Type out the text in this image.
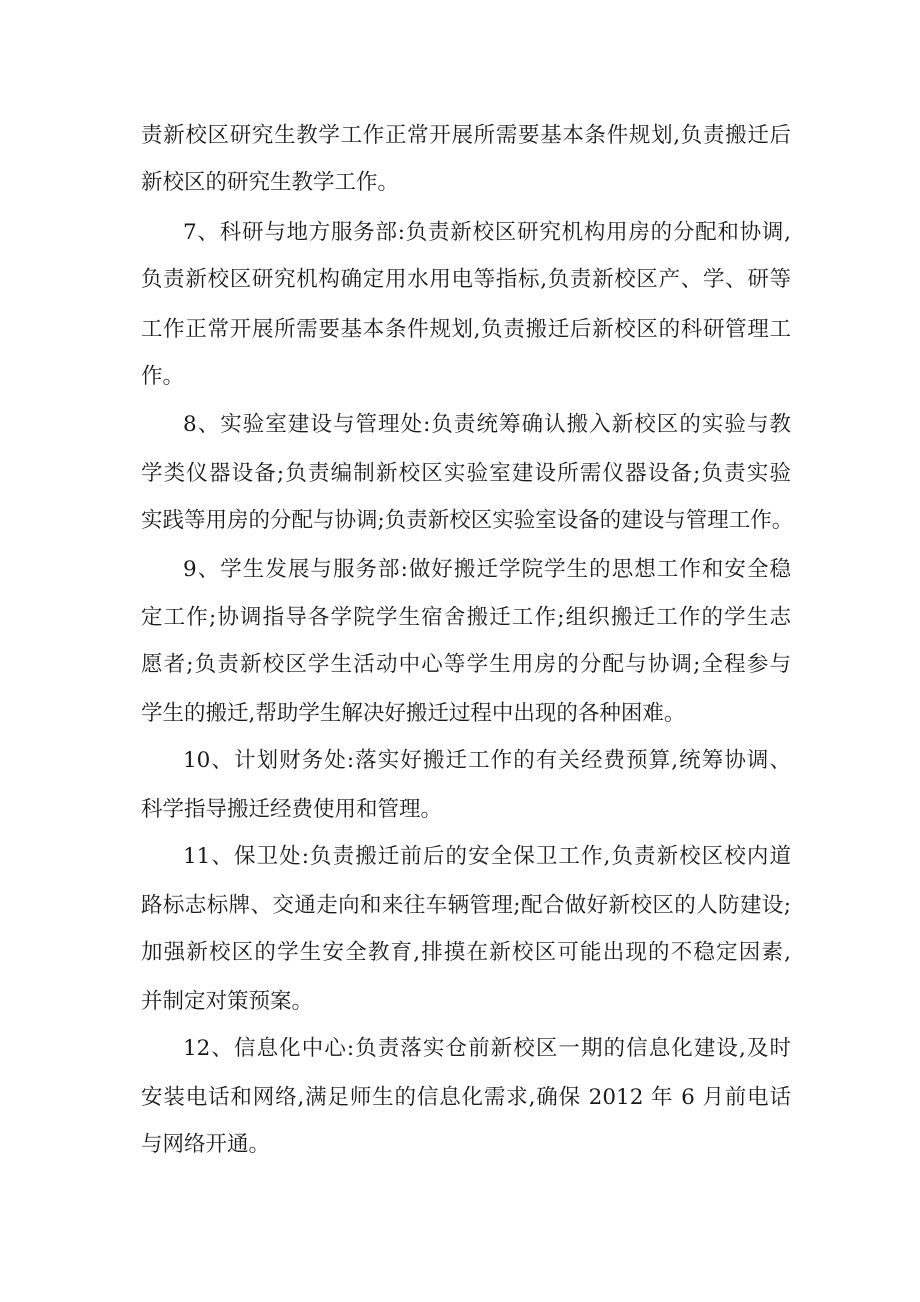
责新校区研究生教学工作正常开展所需要基本条件规划,负责搬迁后
新校区的研究生教学工作。
7、科研与地方服务部:负责新校区研究机构用房的分配和协调,
负责新校区研究机构确定用水用电等指标,负责新校区产、学、研等
工作正常开展所需要基本条件规划,负责搬迁后新校区的科研管理工
作。
8、实验室建设与管理处:负责统筹确认搬入新校区的实验与教
学类仪器设备;负责编制新校区实验室建设所需仪器设备;负责实验
实践等用房的分配与协调;负责新校区实验室设备的建设与管理工作。
9、学生发展与服务部:做好搬迁学院学生的思想工作和安全稳
定工作;协调指导各学院学生宿舍搬迁工作;组织搬迁工作的学生志
愿者;负责新校区学生活动中心等学生用房的分配与协调;全程参与
学生的搬迁,帮助学生解决好搬迁过程中出现的各种困难。
10、计划财务处:落实好搬迁工作的有关经费预算,统筹协调、
科学指导搬迁经费使用和管理。
11、保卫处:负责搬迁前后的安全保卫工作,负责新校区校内道
路标志标牌、交通走向和来往车辆管理;配合做好新校区的人防建设;
加强新校区的学生安全教育,排摸在新校区可能出现的不稳定因素,
并制定对策预案。
12、信息化中心:负责落实仓前新校区一期的信息化建设,及时
安装电话和网络,满足师生的信息化需求,确保 2012 年 6 月前电话
与网络开通。
